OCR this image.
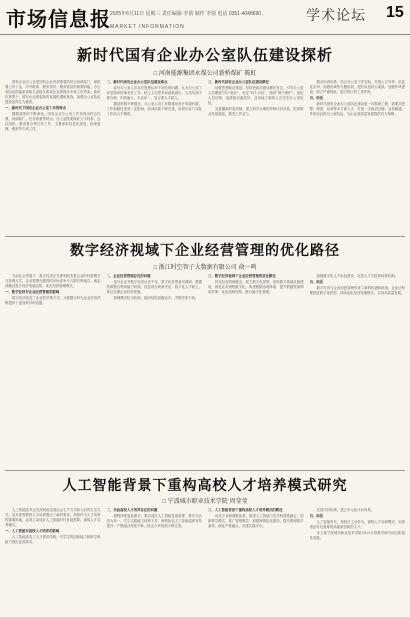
市场信息报 2025年6月11日 星期三 责任编辑 李倩 制作 李倩 电话 0351-4048690
MARKET INFORMATION
学术论坛 15
新时代国有企业办公室队伍建设探析
□ 河南能源集团永煤公司新桥煤矿 陈虹

国有企业办公室是国有企业内部重要的综合协调部门，承担着上传下达、内外联系、服务领导、服务基层的重要职能。办公室队伍的素质和能力直接关系到企业管理水平和工作效率。新时代背景下，国有企业面临新的发展机遇和挑战，加强办公室队伍建设显得尤为重要。

一、新时代下国有企业办公室工作的特点

随着改革的不断深化，国有企业办公室工作呈现出综合性强、协调面广、任务繁重等特点。办公室既要做好文字材料、会议组织、督查督办等日常工作，又要承担信息化建设、档案管理、保密等专项工作。

二、新时代国有企业办公室队伍建设难点

部分办公室人员存在思想认识不到位的问题，认为办公室工作是简单的事务性工作，缺乏主动思考和创新意识。人员结构不够合理，年龄偏大、专业单一，复合型人才缺乏。

激励机制不够健全，办公室人员工作繁重但晋升渠道有限，工作积极性受到一定影响。培训体系不够完善，培训内容与实际工作结合不紧密。

三、新时代国有企业办公室队伍建设路径

加强思想政治建设，坚持把政治建设摆在首位，引导办公室人员增强“四个意识”、坚定“四个自信”、做到“两个维护”。优化人员结构，选拔政治素质好、业务能力强的人员充实办公室队伍。

完善激励约束机制，建立科学合理的考核评价体系，拓宽职业发展通道，激发工作活力。

健全培训体系，结合办公室工作实际，开展公文写作、信息化应用、沟通协调等专题培训，提升队伍综合素质。加强作风建设，树立严谨细致、雷厉风行的工作作风。

四、结语

新时代国有企业办公室队伍建设是一项系统工程，需要从思想、制度、培训等多方面入手，打造一支政治过硬、业务精通、作风优良的办公室队伍，为企业高质量发展提供有力保障。

数字经济视域下企业经营管理的优化路径
□ 浙江时空智子大数据有限公司 俞一鸣

当前社会发展下，数字经济正在深刻改变着企业的经营模式与管理方式。企业要想在激烈的市场竞争中占据有利地位，就必须顺应数字经济发展趋势，优化经营管理模式。

一、数字经济对企业经营管理的影响

数字经济改变了企业的决策方式，大数据分析为企业经营决策提供了更加科学的依据。

二、企业经营管理存在的问题

部分企业对数字经济认识不足，数字化转型意识薄弱；数据资源整合利用能力较弱，信息孤岛现象突出；数字化人才缺乏，难以支撑企业转型发展。

管理模式较为传统，组织结构层级较多，决策效率不高。

三、数字经济视域下企业经营管理的优化路径

转变经营管理理念，树立数字化思维；加快数字基础设施建设，推进业务流程数字化；构建数据治理体系，提升数据资源利用效率；优化组织结构，推行扁平化管理。

加强数字化人才队伍建设，完善人才引进和培养机制。

四、结语

数字经济为企业经营管理带来了新的机遇和挑战，企业应积极推进数字化转型，持续优化经营管理模式，实现高质量发展。

人工智能背景下重构高校人才培养模式研究
□ 宁波城市职业技术学院 周莹莹

人工智能技术正在深刻改变着社会生产方式和人们的生活方式，也对高等教育人才培养提出了新的要求。高校作为人才培养的重要阵地，必须主动适应人工智能时代发展需要，重构人才培养模式。

一、人工智能对高校人才培养的影响

人工智能改变了人才需求结构，对学生的创新能力和跨学科能力提出更高要求。

二、当前高校人才培养存在的问题

课程体系更新滞后，难以适应人工智能发展需要；教学方法较为单一，学生实践能力培养不足；师资队伍人工智能素养有待提升；产教融合深度不够，校企合作机制不够完善。

三、人工智能背景下重构高校人才培养模式的路径

优化专业和课程体系，推进人工智能与各学科深度融合；创新教学模式，推广智慧教学；加强师资队伍建设，提升教师数字素养；深化产教融合，共建实践平台。

完善评价机制，建立多元化评价体系。

四、结语

人工智能时代，高校应主动作为，重构人才培养模式，培养适应时代需要的高素质创新型人才。

本文系宁波城市职业技术学院2023年度教学研究项目阶段性成果。
